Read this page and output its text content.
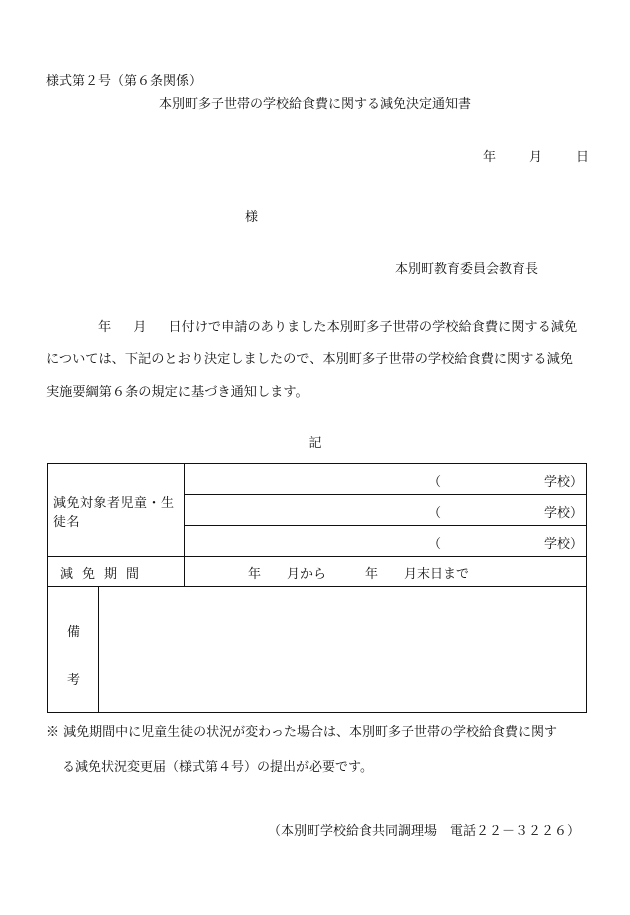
様式第２号（第６条関係）
本別町多子世帯の学校給食費に関する減免決定通知書
年	月	日
様
本別町教育委員会教育長
年 月 日付けで申請のありました本別町多子世帯の学校給食費に関する減免
については、下記のとおり決定しましたので、本別町多子世帯の学校給食費に関する減免
実施要綱第６条の規定に基づき通知します。
記
減免対象者児童・生徒名
（	学校）
（	学校）
（	学校）
減免期間	年　　月から　　　年　　月末日まで
備
考
※ 減免期間中に児童生徒の状況が変わった場合は、本別町多子世帯の学校給食費に関す
る減免状況変更届（様式第４号）の提出が必要です。
（本別町学校給食共同調理場　電話２２－３２２６）
